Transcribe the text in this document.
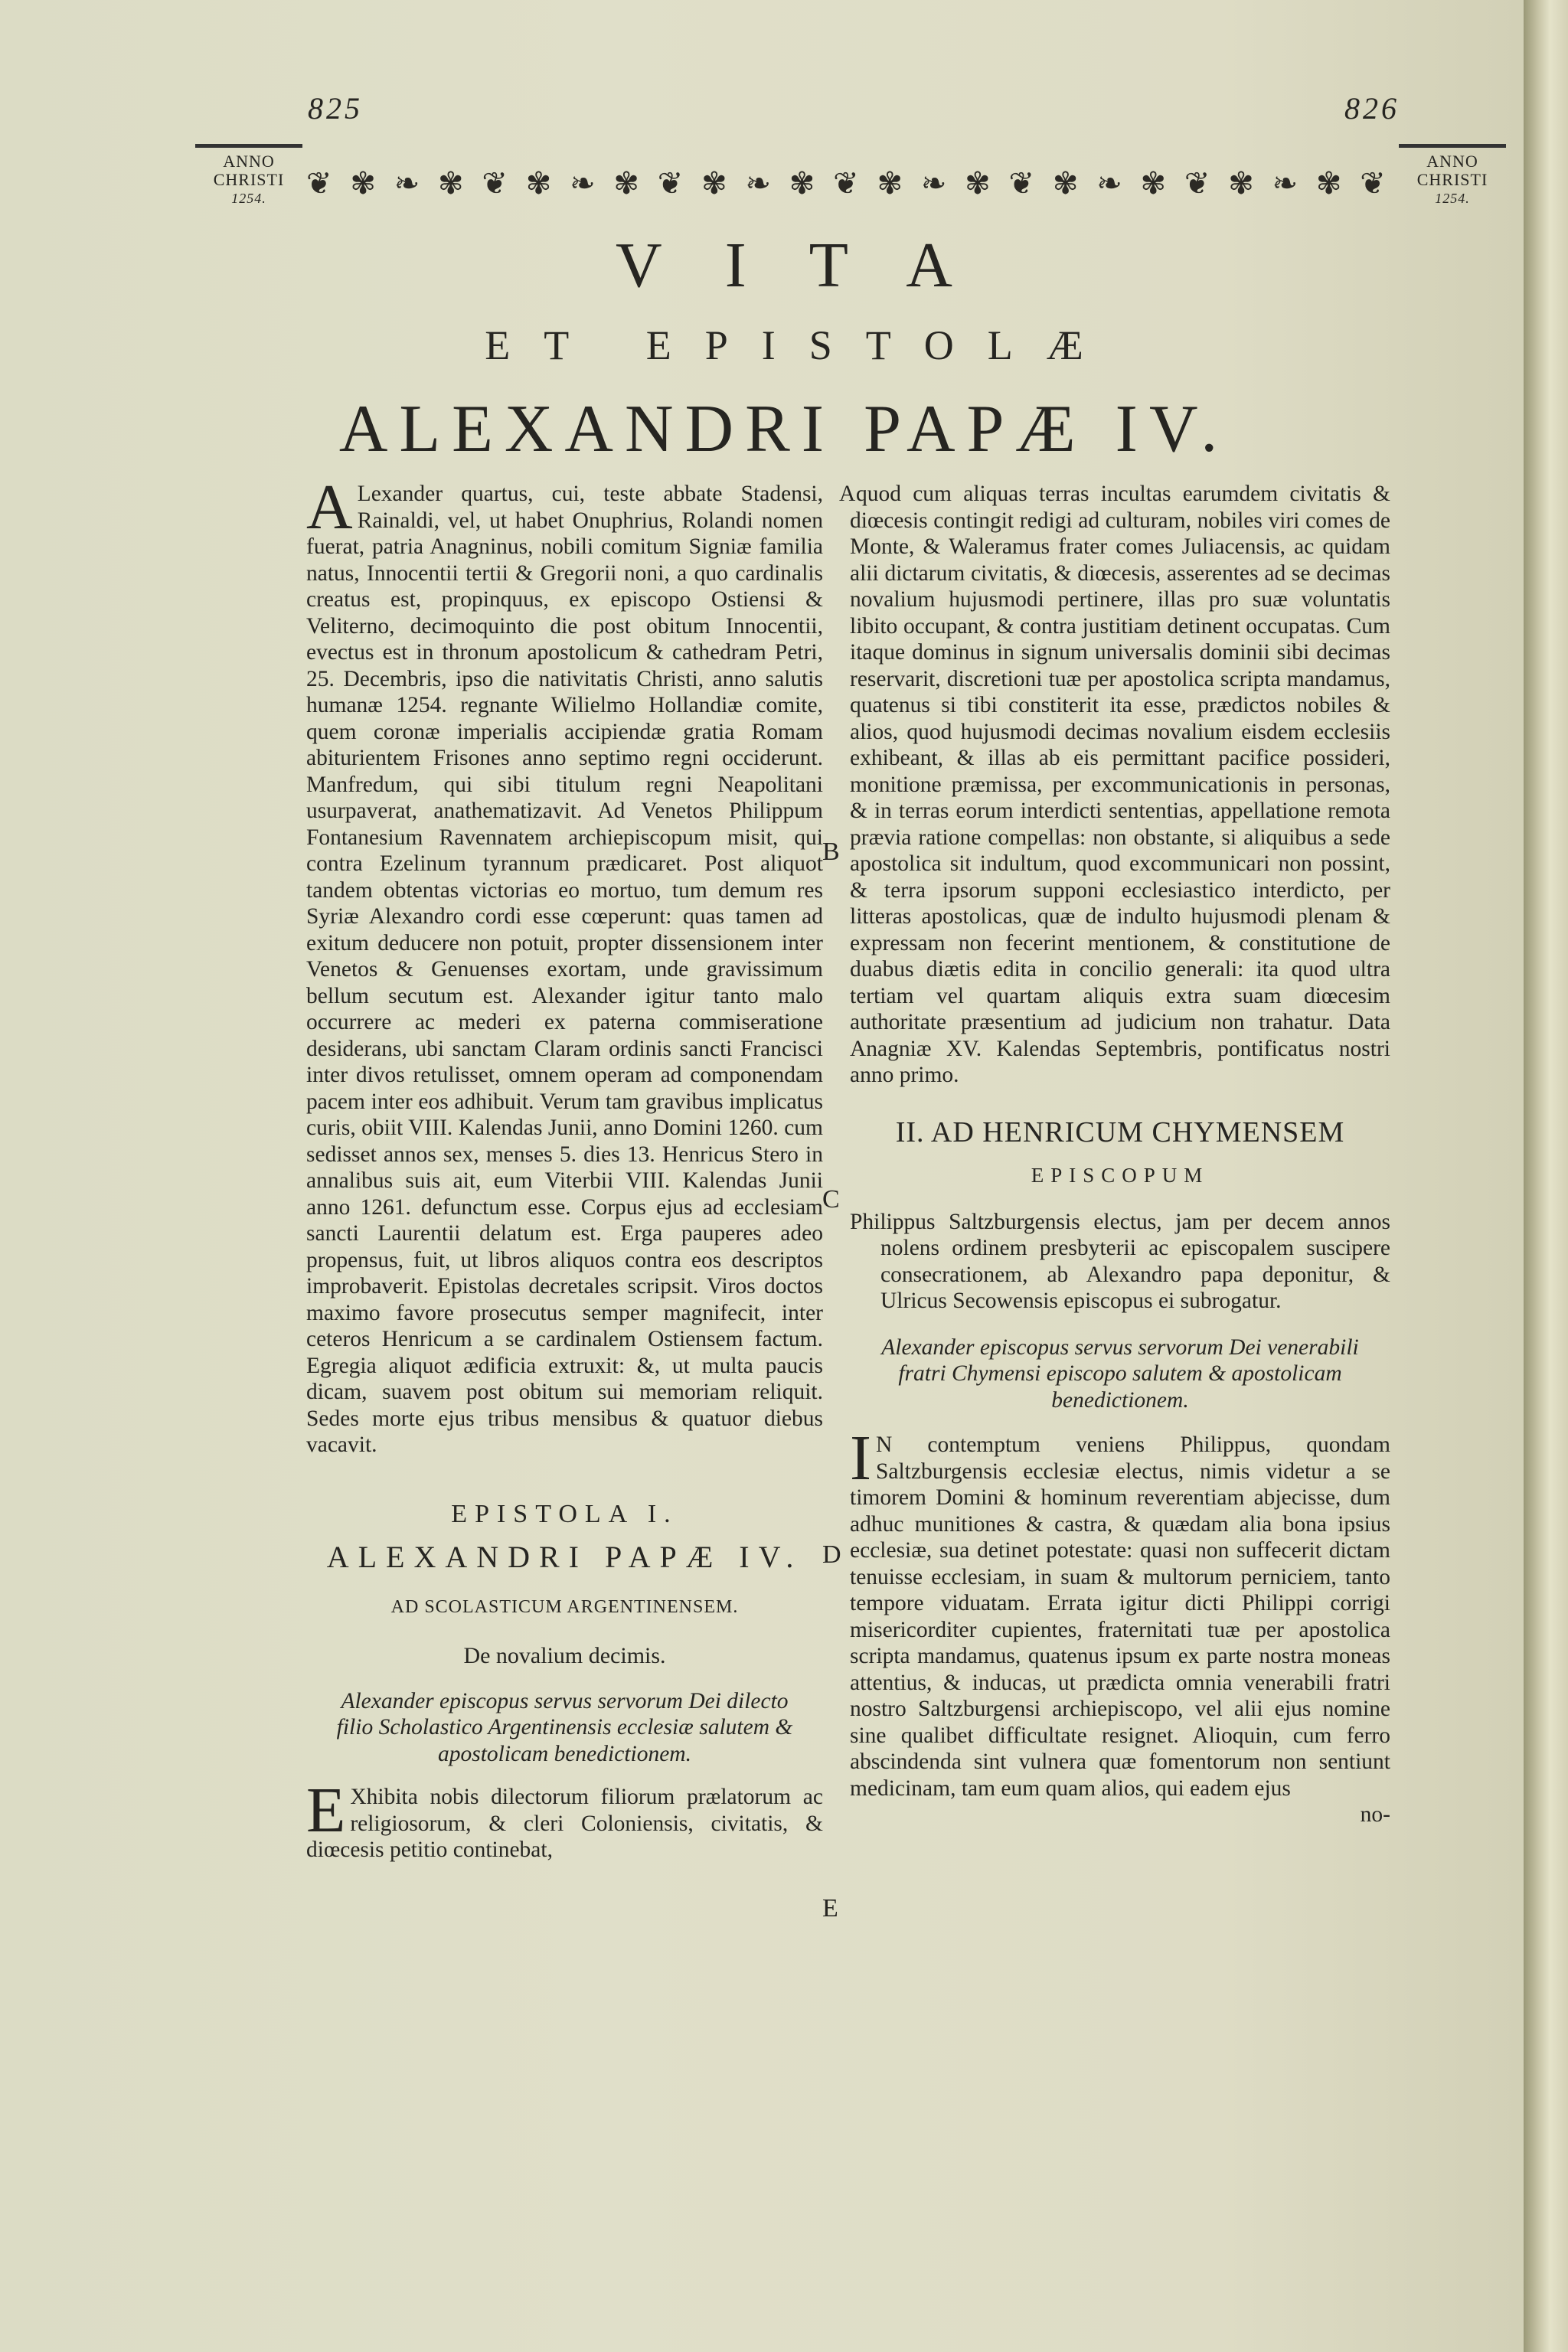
825	826
ANNO
CHRISTI
1254.
ANNO
CHRISTI
1254.
❦ ✾ ❧ ✾ ❦ ✾ ❧ ✾ ❦ ✾ ❧ ✾ ❦ ✾ ❧ ✾ ❦ ✾ ❧ ✾ ❦ ✾ ❧ ✾ ❦
VITA
ET EPISTOLÆ
ALEXANDRI PAPÆ IV.
B
C
D
E

A Lexander quartus, cui, teste abbate Stadensi, Rainaldi, vel, ut habet Onuphrius, Rolandi nomen fuerat, patria Anagninus, nobili comitum Signiæ familia natus, Innocentii tertii & Gregorii noni, a quo cardinalis creatus est, propinquus, ex episcopo Ostiensi & Veliterno, decimoquinto die post obitum Innocentii, evectus est in thronum apostolicum & cathedram Petri, 25. Decembris, ipso die nativitatis Christi, anno salutis humanæ 1254. regnante Wilielmo Hollandiæ comite, quem coronæ imperialis accipiendæ gratia Romam abiturientem Frisones anno septimo regni occiderunt. Manfredum, qui sibi titulum regni Neapolitani usurpaverat, anathematizavit. Ad Venetos Philippum Fontanesium Ravennatem archiepiscopum misit, qui contra Ezelinum tyrannum prædicaret. Post aliquot tandem obtentas victorias eo mortuo, tum demum res Syriæ Alexandro cordi esse cœperunt: quas tamen ad exitum deducere non potuit, propter dissensionem inter Venetos & Genuenses exortam, unde gravissimum bellum secutum est. Alexander igitur tanto malo occurrere ac mederi ex paterna commiseratione desiderans, ubi sanctam Claram ordinis sancti Francisci inter divos retulisset, omnem operam ad componendam pacem inter eos adhibuit. Verum tam gravibus implicatus curis, obiit VIII. Kalendas Junii, anno Domini 1260. cum sedisset annos sex, menses 5. dies 13. Henricus Stero in annalibus suis ait, eum Viterbii VIII. Kalendas Junii anno 1261. defunctum esse. Corpus ejus ad ecclesiam sancti Laurentii delatum est. Erga pauperes adeo propensus, fuit, ut libros aliquos contra eos descriptos improbaverit. Epistolas decretales scripsit. Viros doctos maximo favore prosecutus semper magnifecit, inter ceteros Henricum a se cardinalem Ostiensem factum. Egregia aliquot ædificia extruxit: &, ut multa paucis dicam, suavem post obitum sui memoriam reliquit. Sedes morte ejus tribus mensibus & quatuor diebus vacavit.

EPISTOLA I.
ALEXANDRI PAPÆ IV.
AD SCOLASTICUM ARGENTINENSEM.
De novalium decimis.

Alexander episcopus servus servorum Dei dilecto filio Scholastico Argentinensis ecclesiæ salutem & apostolicam benedictionem.

E Xhibita nobis dilectorum filiorum prælatorum ac religiosorum, & cleri Coloniensis, civitatis, & diœcesis petitio continebat,

A quod cum aliquas terras incultas earumdem civitatis & diœcesis contingit redigi ad culturam, nobiles viri comes de Monte, & Waleramus frater comes Juliacensis, ac quidam alii dictarum civitatis, & diœcesis, asserentes ad se decimas novalium hujusmodi pertinere, illas pro suæ voluntatis libito occupant, & contra justitiam detinent occupatas. Cum itaque dominus in signum universalis dominii sibi decimas reservarit, discretioni tuæ per apostolica scripta mandamus, quatenus si tibi constiterit ita esse, prædictos nobiles & alios, quod hujusmodi decimas novalium eisdem ecclesiis exhibeant, & illas ab eis permittant pacifice possideri, monitione præmissa, per excommunicationis in personas, & in terras eorum interdicti sententias, appellatione remota prævia ratione compellas: non obstante, si aliquibus a sede apostolica sit indultum, quod excommunicari non possint, & terra ipsorum supponi ecclesiastico interdicto, per litteras apostolicas, quæ de indulto hujusmodi plenam & expressam non fecerint mentionem, & constitutione de duabus diætis edita in concilio generali: ita quod ultra tertiam vel quartam aliquis extra suam diœcesim authoritate præsentium ad judicium non trahatur. Data Anagniæ XV. Kalendas Septembris, pontificatus nostri anno primo.

II. AD HENRICUM CHYMENSEM
EPISCOPUM

Philippus Saltzburgensis electus, jam per decem annos nolens ordinem presbyterii ac episcopalem suscipere consecrationem, ab Alexandro papa deponitur, & Ulricus Secowensis episcopus ei subrogatur.

Alexander episcopus servus servorum Dei venerabili fratri Chymensi episcopo salutem & apostolicam benedictionem.

I N contemptum veniens Philippus, quondam Saltzburgensis ecclesiæ electus, nimis videtur a se timorem Domini & hominum reverentiam abjecisse, dum adhuc munitiones & castra, & quædam alia bona ipsius ecclesiæ, sua detinet potestate: quasi non suffecerit dictam tenuisse ecclesiam, in suam & multorum perniciem, tanto tempore viduatam. Errata igitur dicti Philippi corrigi misericorditer cupientes, fraternitati tuæ per apostolica scripta mandamus, quatenus ipsum ex parte nostra moneas attentius, & inducas, ut prædicta omnia venerabili fratri nostro Saltzburgensi archiepiscopo, vel alii ejus nomine sine qualibet difficultate resignet. Alioquin, cum ferro abscindenda sint vulnera quæ fomentorum non sentiunt medicinam, tam eum quam alios, qui eadem ejus

no-
